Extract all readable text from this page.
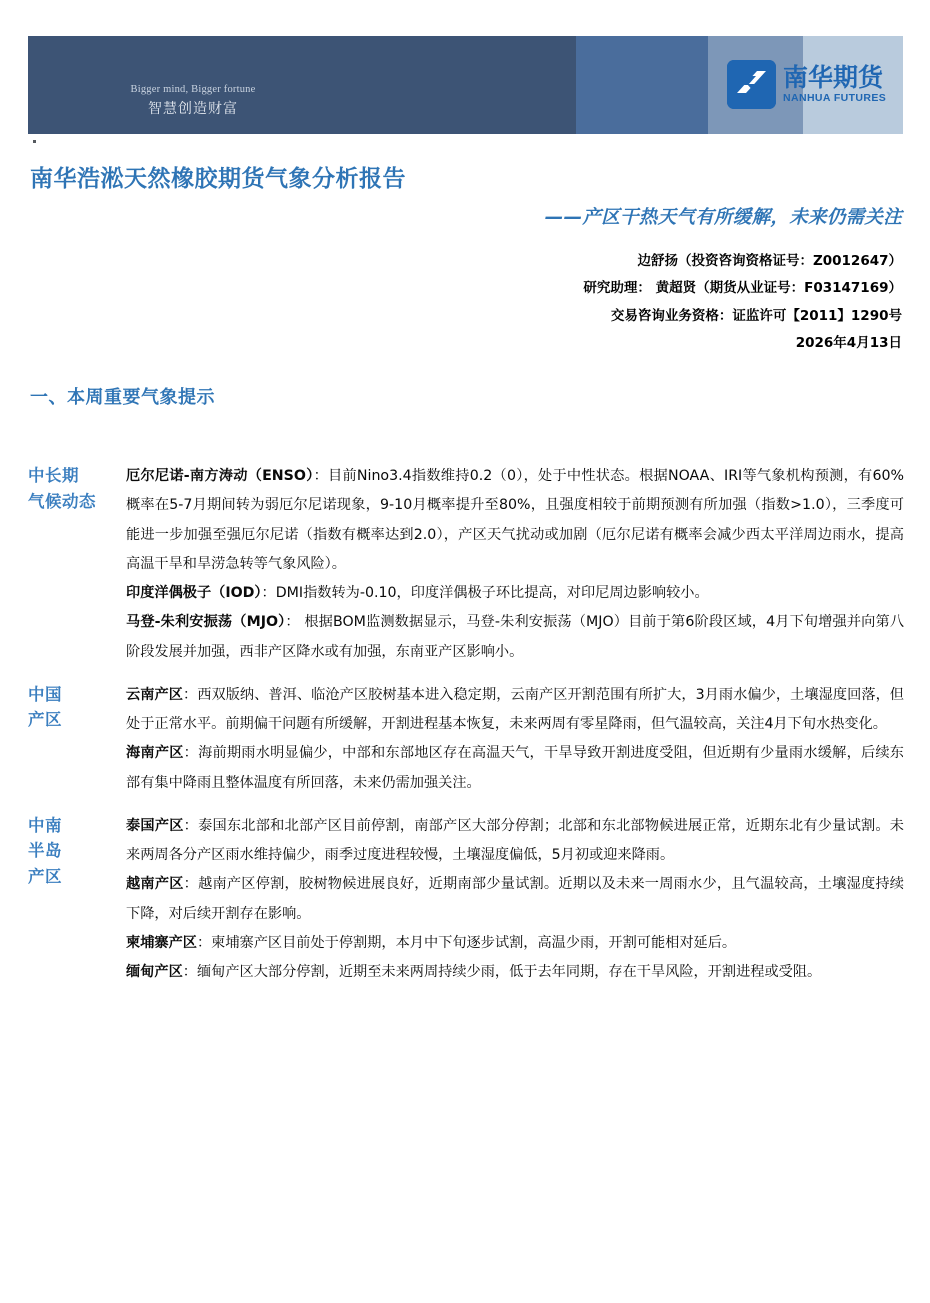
Bigger mind, Bigger fortune
智慧创造财富
南华期货
NANHUA FUTURES
南华浩淞天然橡胶期货气象分析报告
——产区干热天气有所缓解，未来仍需关注
边舒扬（投资咨询资格证号：Z0012647）
研究助理： 黄超贤（期货从业证号：F03147169）
交易咨询业务资格：证监许可【2011】1290号
2026年4月13日
一、本周重要气象提示
中长期
气候动态

厄尔尼诺-南方涛动（ENSO）：目前Nino3.4指数维持0.2（0），处于中性状态。根据NOAA、IRI等气象机构预测，有60%概率在5-7月期间转为弱厄尔尼诺现象，9-10月概率提升至80%，且强度相较于前期预测有所加强（指数>1.0），三季度可能进一步加强至强厄尔尼诺（指数有概率达到2.0），产区天气扰动或加剧（厄尔尼诺有概率会减少西太平洋周边雨水，提高高温干旱和旱涝急转等气象风险）。

印度洋偶极子（IOD）：DMI指数转为-0.10，印度洋偶极子环比提高，对印尼周边影响较小。

马登-朱利安振荡（MJO）： 根据BOM监测数据显示，马登-朱利安振荡（MJO）目前于第6阶段区域，4月下旬增强并向第八阶段发展并加强，西非产区降水或有加强，东南亚产区影响小。

中国
产区

云南产区：西双版纳、普洱、临沧产区胶树基本进入稳定期，云南产区开割范围有所扩大，3月雨水偏少，土壤湿度回落，但处于正常水平。前期偏干问题有所缓解，开割进程基本恢复，未来两周有零星降雨，但气温较高，关注4月下旬水热变化。

海南产区：海前期雨水明显偏少，中部和东部地区存在高温天气，干旱导致开割进度受阻，但近期有少量雨水缓解，后续东部有集中降雨且整体温度有所回落，未来仍需加强关注。

中南
半岛
产区

泰国产区：泰国东北部和北部产区目前停割，南部产区大部分停割；北部和东北部物候进展正常，近期东北有少量试割。未来两周各分产区雨水维持偏少，雨季过度进程较慢，土壤湿度偏低，5月初或迎来降雨。

越南产区：越南产区停割，胶树物候进展良好，近期南部少量试割。近期以及未来一周雨水少，且气温较高，土壤湿度持续下降，对后续开割存在影响。

柬埔寨产区：柬埔寨产区目前处于停割期，本月中下旬逐步试割，高温少雨，开割可能相对延后。

缅甸产区：缅甸产区大部分停割，近期至未来两周持续少雨，低于去年同期，存在干旱风险，开割进程或受阻。
